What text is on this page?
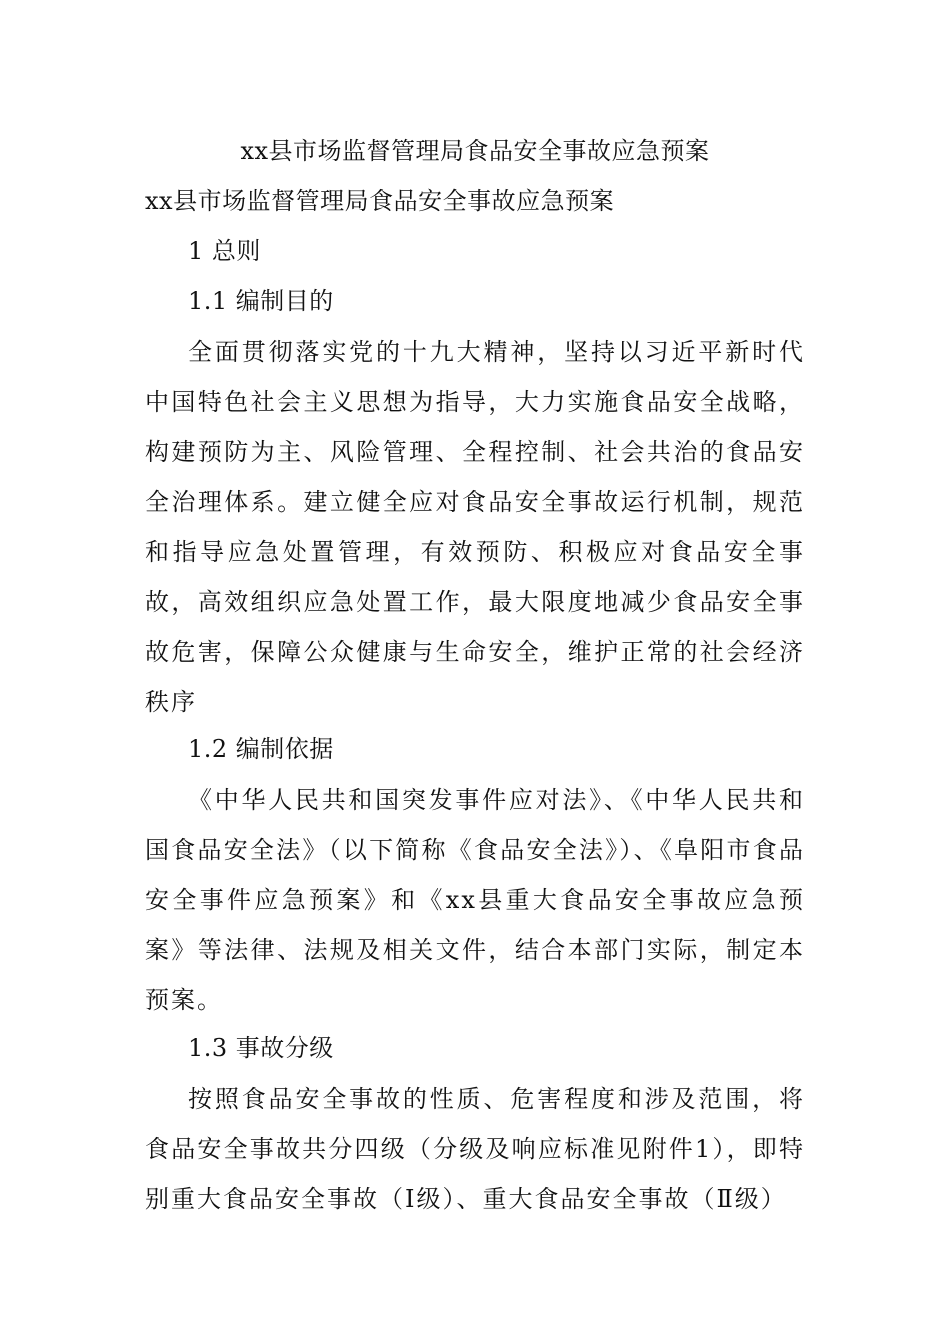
xx县市场监督管理局食品安全事故应急预案
xx县市场监督管理局食品安全事故应急预案
1 总则
1.1 编制目的

全面贯彻落实党的十九大精神，坚持以习近平新时代中国特色社会主义思想为指导，大力实施食品安全战略，构建预防为主、风险管理、全程控制、社会共治的食品安全治理体系。建立健全应对食品安全事故运行机制，规范和指导应急处置管理，有效预防、积极应对食品安全事故，高效组织应急处置工作，最大限度地减少食品安全事故危害，保障公众健康与生命安全，维护正常的社会经济秩序

1.2 编制依据

《中华人民共和国突发事件应对法》、《中华人民共和国食品安全法》（以下简称《食品安全法》）、《阜阳市食品安全事件应急预案》和《xx县重大食品安全事故应急预案》等法律、法规及相关文件，结合本部门实际，制定本预案。

1.3 事故分级

按照食品安全事故的性质、危害程度和涉及范围，将食品安全事故共分四级（分级及响应标准见附件1），即特别重大食品安全事故（Ⅰ级）、重大食品安全事故（Ⅱ级）
